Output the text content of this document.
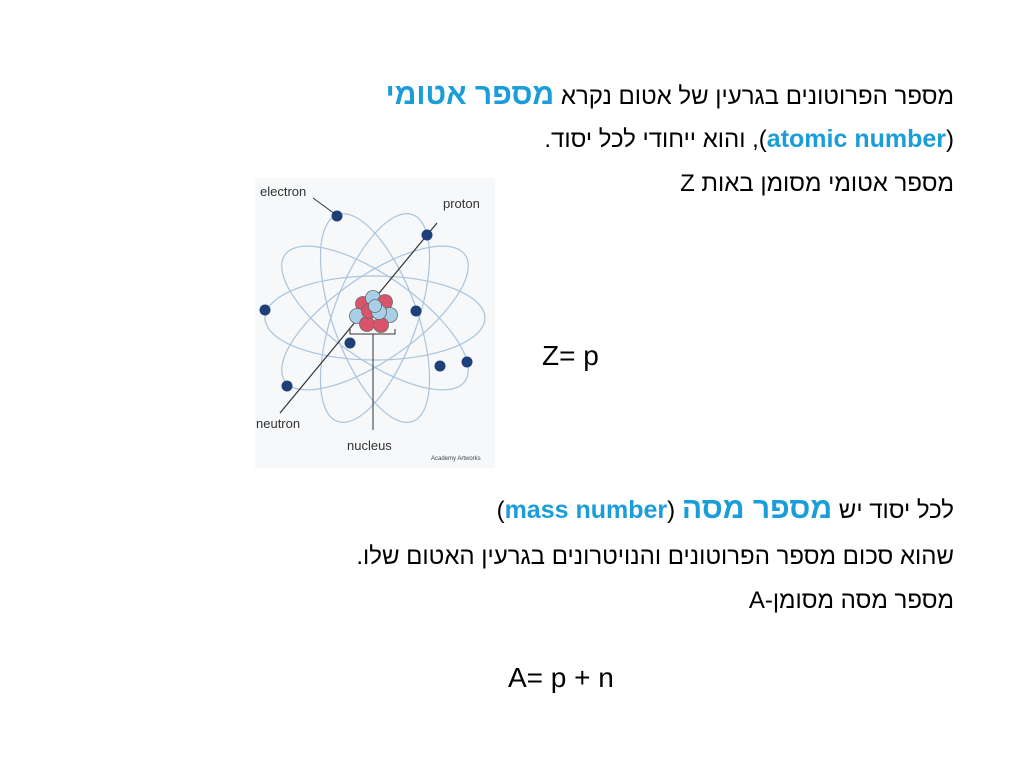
מספר הפרוטונים בגרעין של אטום נקרא מספר אטומי
(atomic number), והוא ייחודי לכל יסוד.
מספר אטומי מסומן באות Z
Z= p
electron
proton
neutron
nucleus
Academy Artworks
לכל יסוד יש מספר מסה (mass number)
שהוא סכום מספר הפרוטונים והנויטרונים בגרעין האטום שלו.
מספר מסה מסומן-A
A= p + n
